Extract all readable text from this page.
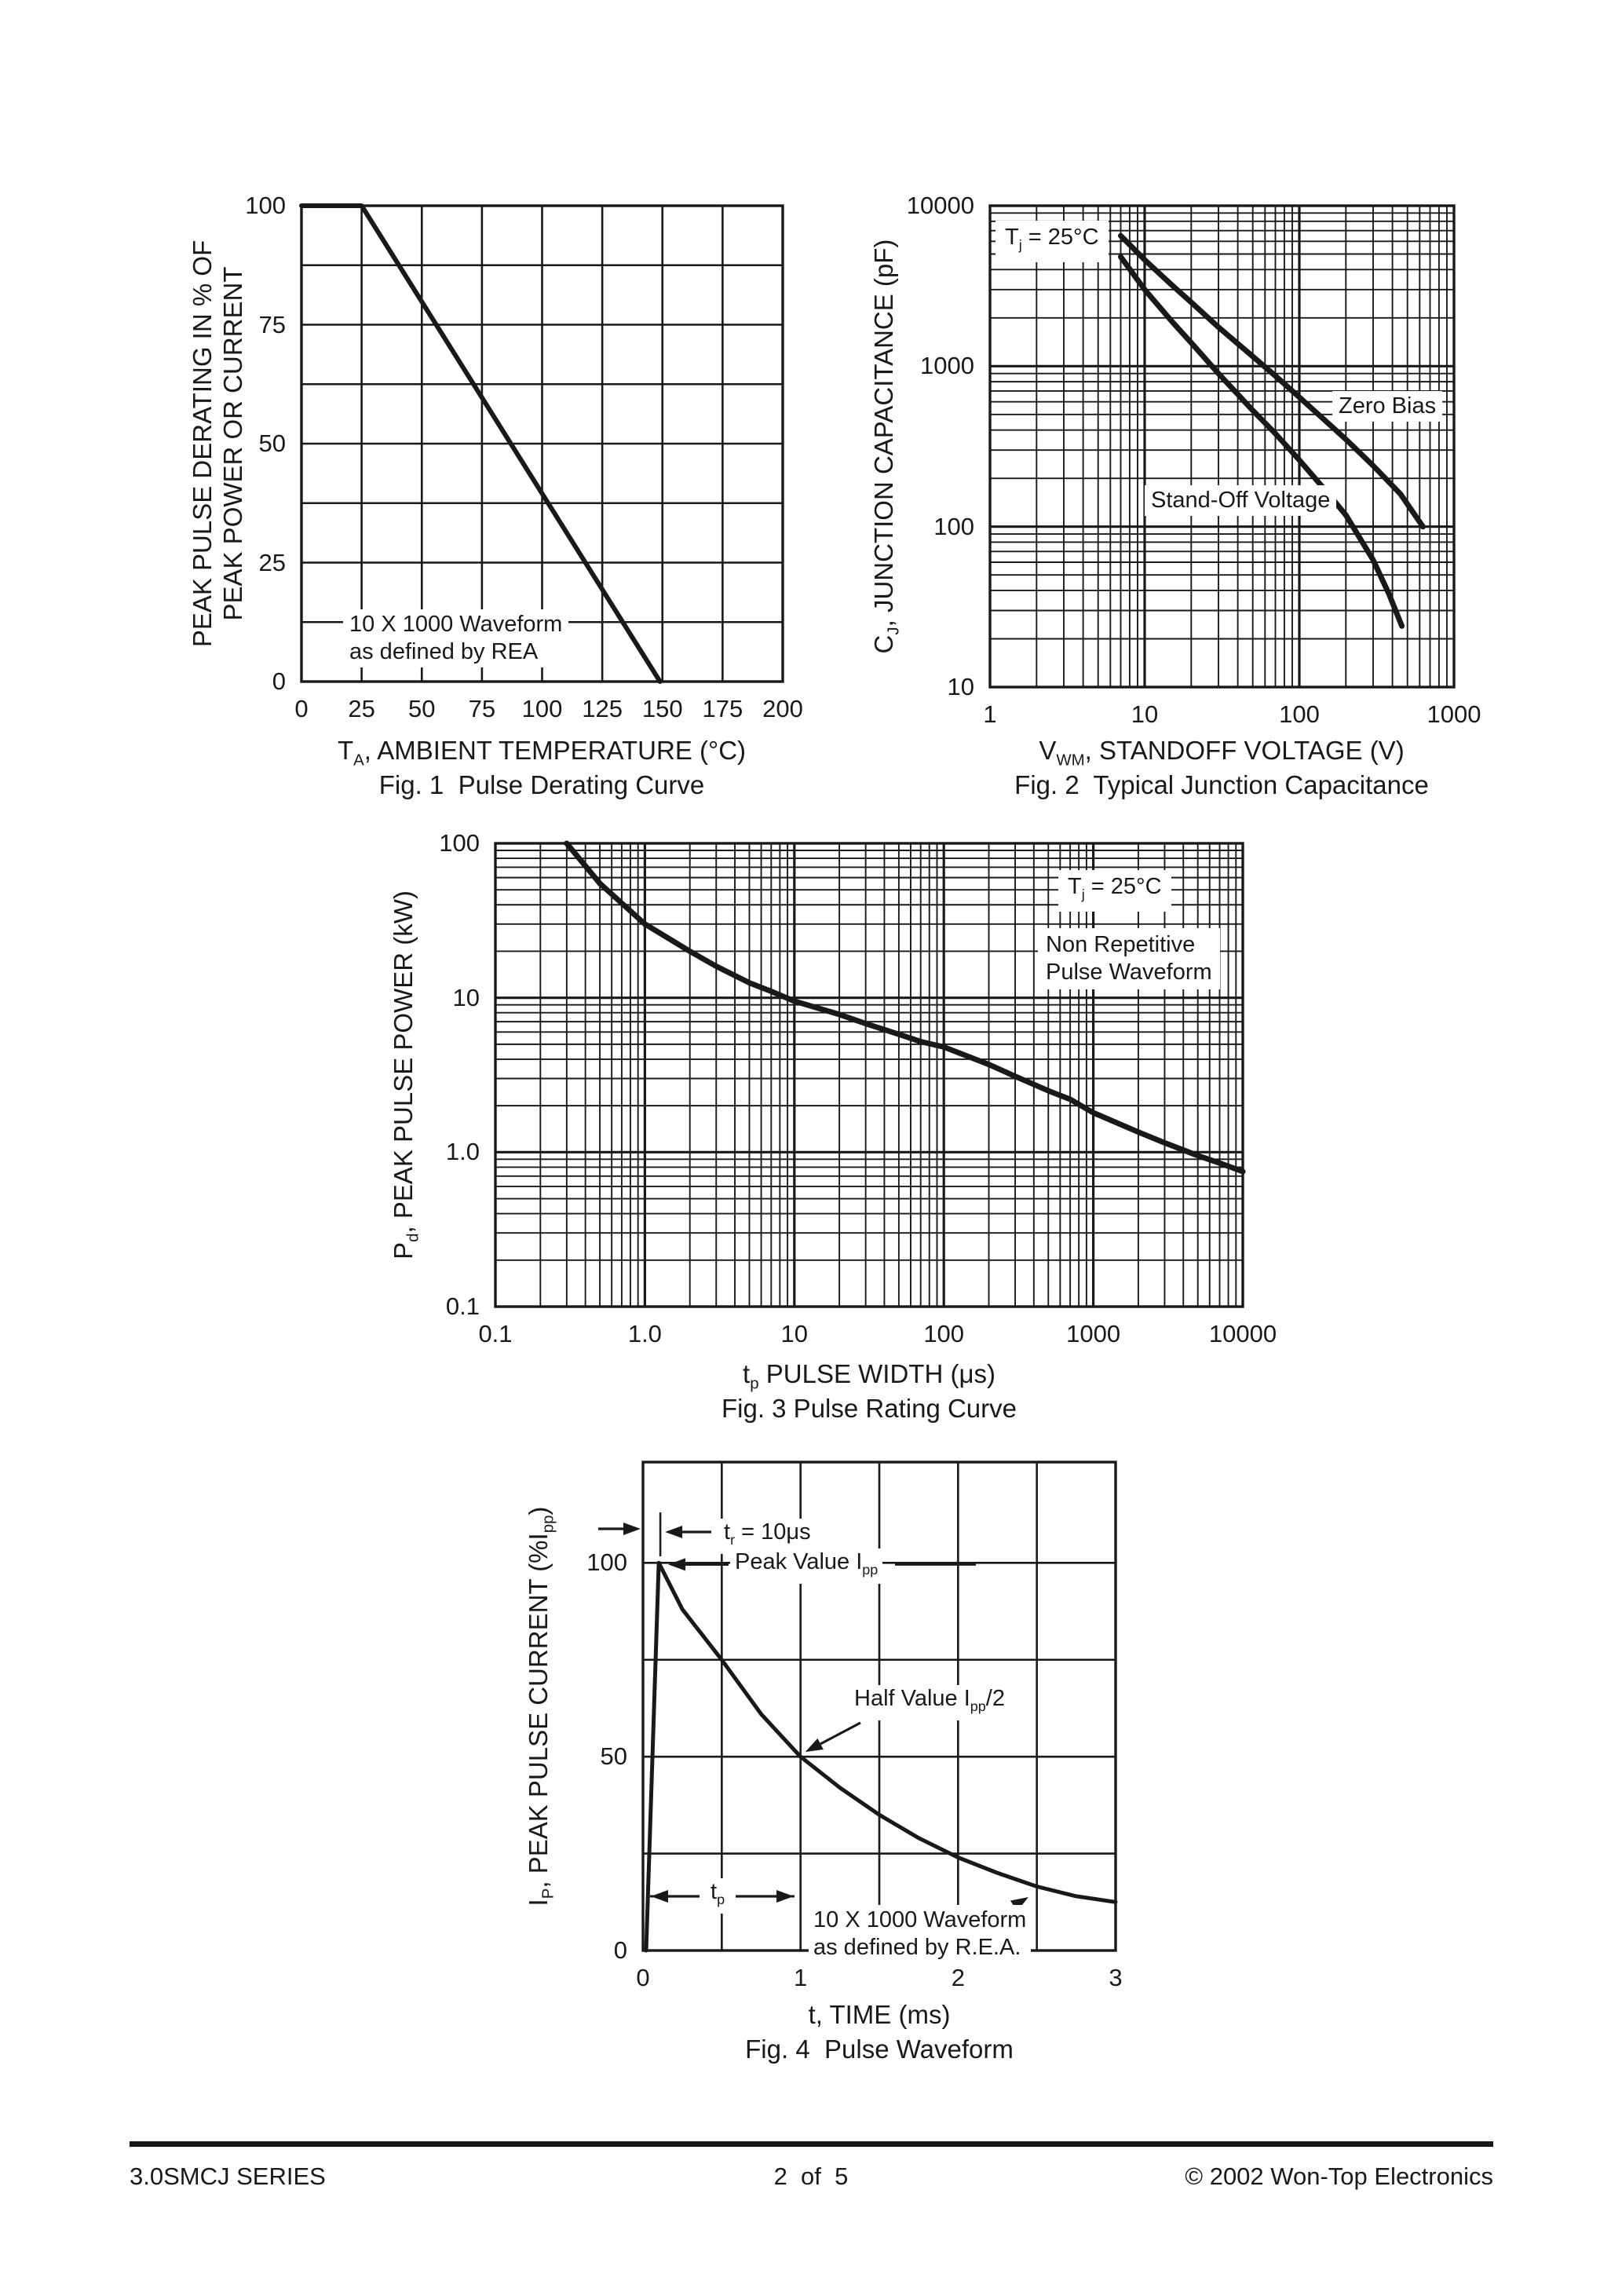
PEAK PULSE DERATING IN % OF
PEAK POWER OR CURRENT
10 X 1000 Waveform
as defined by REA
$T_A$, AMBIENT TEMPERATURE (°C)
Fig. 1  Pulse Derating Curve
$C_J$, JUNCTION CAPACITANCE (pF)
$T_j = 25^\circ C$
Zero Bias
Stand-Off Voltage
$V_{WM}$, STANDOFF VOLTAGE (V)
Fig. 2  Typical Junction Capacitance
$P_d$, PEAK PULSE POWER (kW)
$T_j = 25^\circ C$
Non Repetitive
Pulse Waveform
$t_p$ PULSE WIDTH (μs)
Fig. 3 Pulse Rating Curve
$I_P$, PEAK PULSE CURRENT $(\%I_{pp})$
$t_r = 10\mu s$
Peak Value $I_{pp}$
Half Value $I_{pp}/2$
$t_p$
10 X 1000 Waveform
as defined by R.E.A.
t, TIME (ms)
Fig. 4  Pulse Waveform
3.0SMCJ SERIES	2  of  5	© 2002 Won-Top Electronics
0	25	50	75	100 125 150 175 200
0
25
50
75
100
1	10	100	1000
10
100
1000
10000
0.1	1.0	10	100	1000	10000
0.1
1.0
10
100
0	1	2	3
0
50
100
